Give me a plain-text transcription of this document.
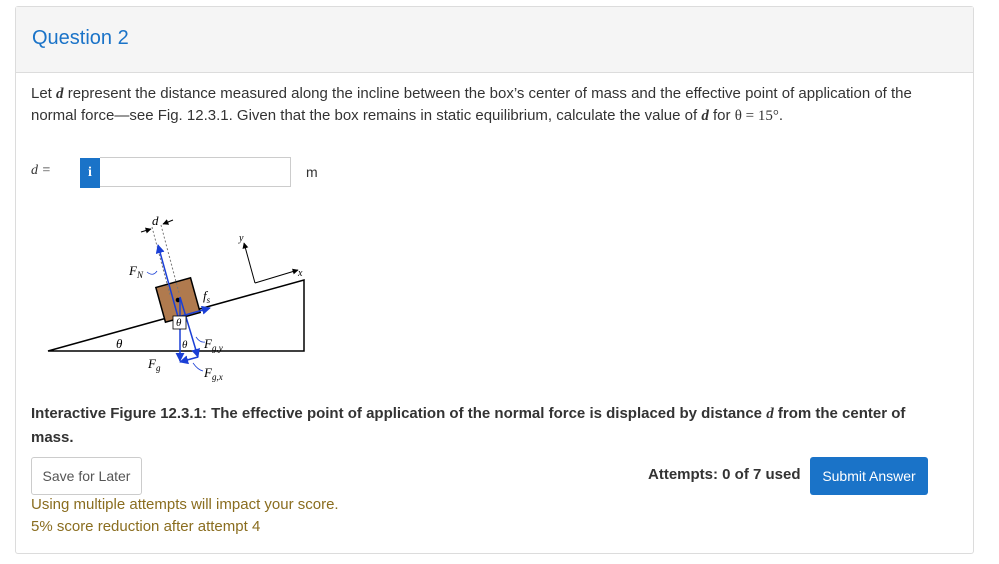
Question 2
Let d represent the distance measured along the incline between the box’s center of mass and the effective point of application of the normal force—see Fig. 12.3.1. Given that the box remains in static equilibrium, calculate the value of d for θ = 15°.
d =	i	m
θ
y
x
d
$F_N$
$f_s$
θ
θ
$F_g$
$F_{g,y}$
$F_{g,x}$
Interactive Figure 12.3.1: The effective point of application of the normal force is displaced by distance d from the center of mass.
Save for Later	Attempts: 0 of 7 used	Submit Answer
Using multiple attempts will impact your score.
5% score reduction after attempt 4
